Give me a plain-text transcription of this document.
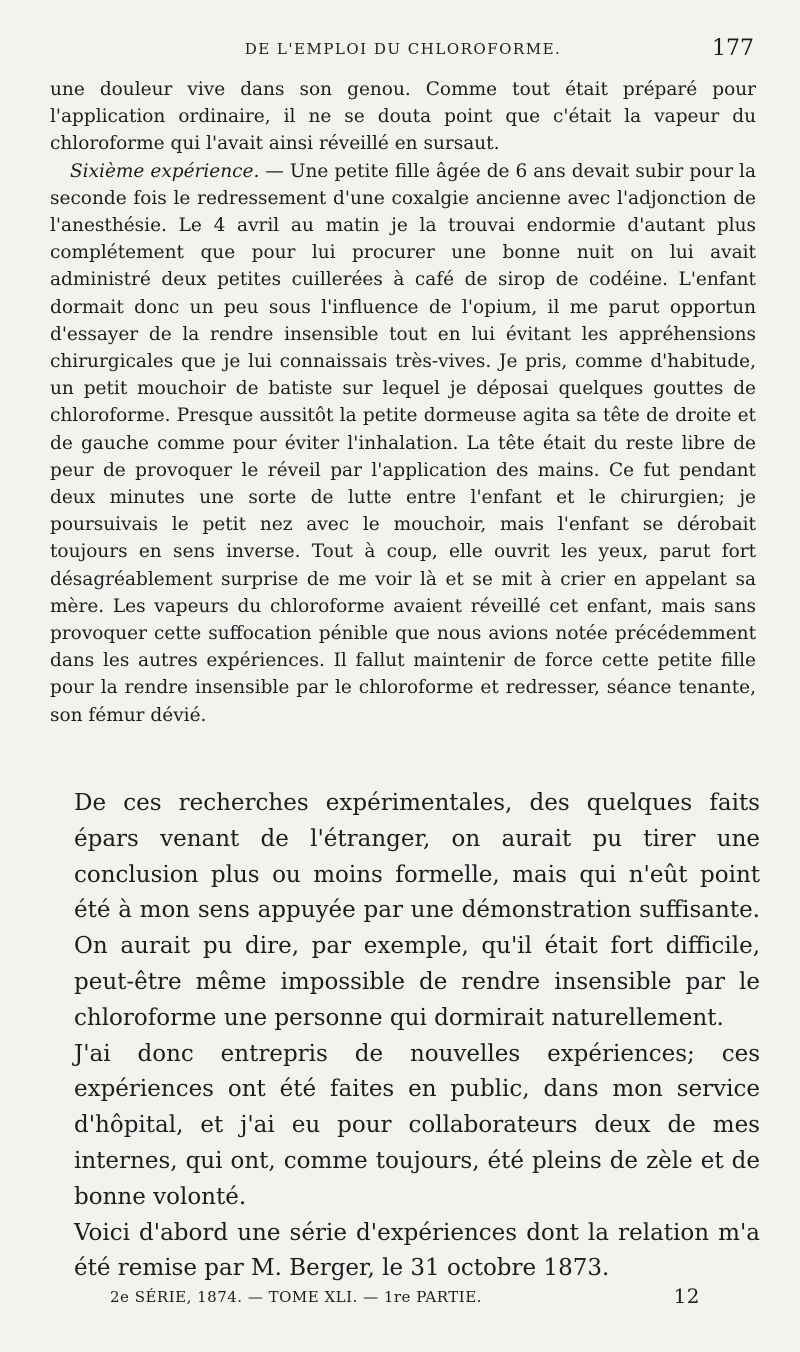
DE L'EMPLOI DU CHLOROFORME.	177

une douleur vive dans son genou. Comme tout était préparé pour l'application ordinaire, il ne se douta point que c'était la vapeur du chloroforme qui l'avait ainsi réveillé en sursaut.

Sixième expérience. — Une petite fille âgée de 6 ans devait subir pour la seconde fois le redressement d'une coxalgie ancienne avec l'adjonction de l'anesthésie. Le 4 avril au matin je la trouvai endormie d'autant plus complétement que pour lui procurer une bonne nuit on lui avait administré deux petites cuillerées à café de sirop de codéine. L'enfant dormait donc un peu sous l'influence de l'opium, il me parut opportun d'essayer de la rendre insensible tout en lui évitant les appréhensions chirurgicales que je lui connaissais très-vives. Je pris, comme d'habitude, un petit mouchoir de batiste sur lequel je déposai quelques gouttes de chloroforme. Presque aussitôt la petite dormeuse agita sa tête de droite et de gauche comme pour éviter l'inhalation. La tête était du reste libre de peur de provoquer le réveil par l'application des mains. Ce fut pendant deux minutes une sorte de lutte entre l'enfant et le chirurgien; je poursuivais le petit nez avec le mouchoir, mais l'enfant se dérobait toujours en sens inverse. Tout à coup, elle ouvrit les yeux, parut fort désagréablement surprise de me voir là et se mit à crier en appelant sa mère. Les vapeurs du chloroforme avaient réveillé cet enfant, mais sans provoquer cette suffocation pénible que nous avions notée précédemment dans les autres expériences. Il fallut maintenir de force cette petite fille pour la rendre insensible par le chloroforme et redresser, séance tenante, son fémur dévié.

De ces recherches expérimentales, des quelques faits épars venant de l'étranger, on aurait pu tirer une conclusion plus ou moins formelle, mais qui n'eût point été à mon sens appuyée par une démonstration suffisante. On aurait pu dire, par exemple, qu'il était fort difficile, peut-être même impossible de rendre insensible par le chloroforme une personne qui dormirait naturellement.

J'ai donc entrepris de nouvelles expériences; ces expériences ont été faites en public, dans mon service d'hôpital, et j'ai eu pour collaborateurs deux de mes internes, qui ont, comme toujours, été pleins de zèle et de bonne volonté.

Voici d'abord une série d'expériences dont la relation m'a été remise par M. Berger, le 31 octobre 1873.

2e SÉRIE, 1874. — TOME XLI. — 1re PARTIE.	12
